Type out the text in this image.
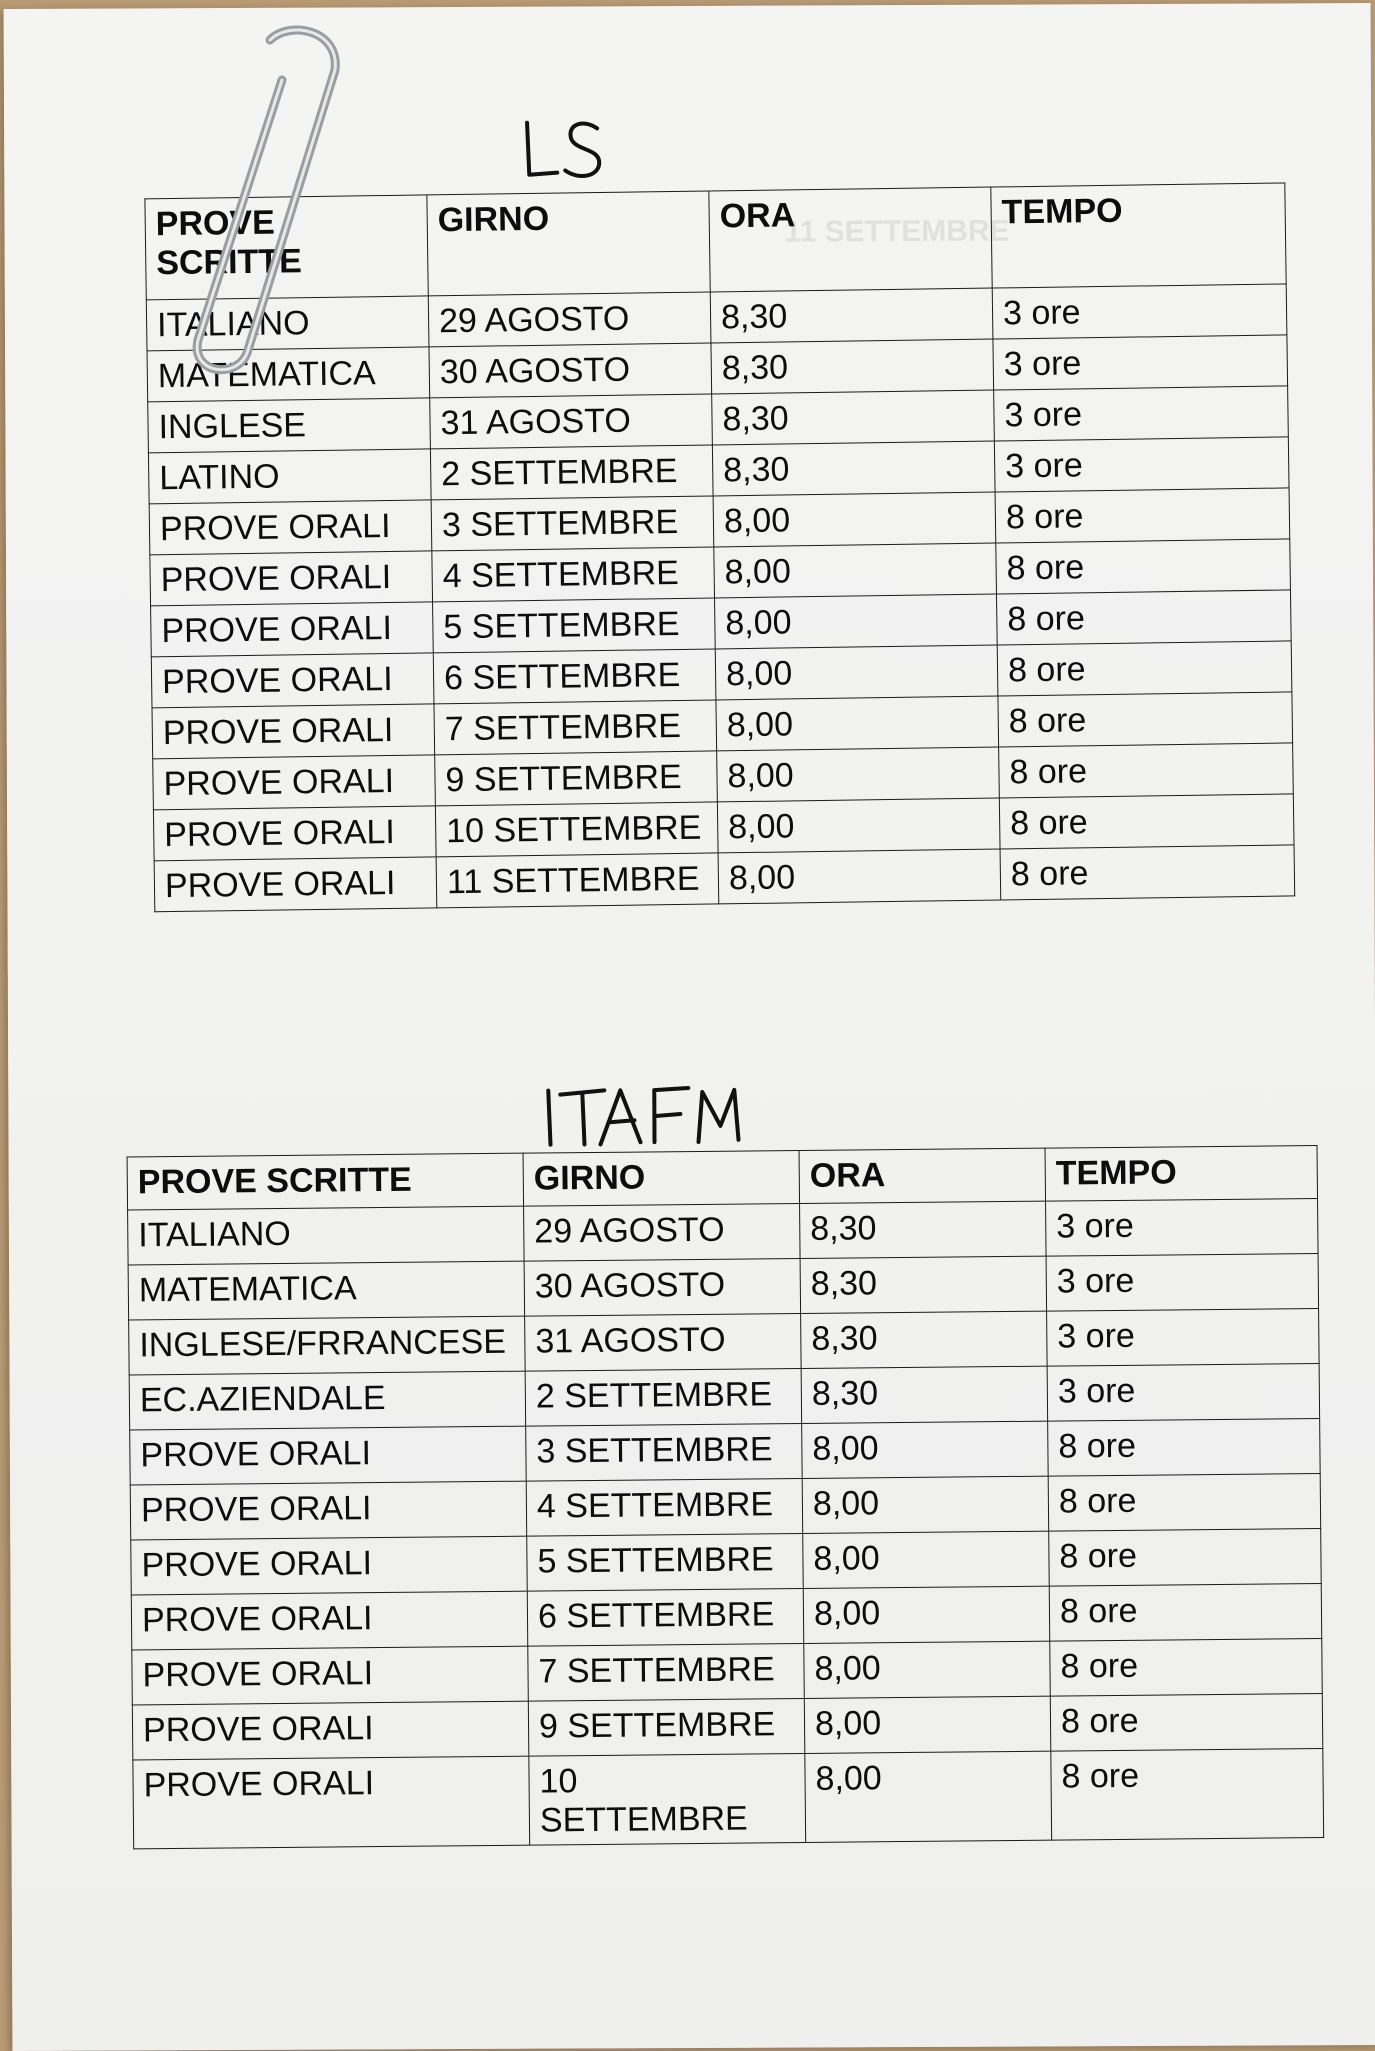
11 SETTEMBRE
PROVE SCRITTE	GIRNO	ORA	TEMPO
ITALIANO	29 AGOSTO	8,30	3 ore
MATEMATICA	30 AGOSTO	8,30	3 ore
INGLESE	31 AGOSTO	8,30	3 ore
LATINO	2 SETTEMBRE	8,30	3 ore
PROVE ORALI	3 SETTEMBRE	8,00	8 ore
PROVE ORALI	4 SETTEMBRE	8,00	8 ore
PROVE ORALI	5 SETTEMBRE	8,00	8 ore
PROVE ORALI	6 SETTEMBRE	8,00	8 ore
PROVE ORALI	7 SETTEMBRE	8,00	8 ore
PROVE ORALI	9 SETTEMBRE	8,00	8 ore
PROVE ORALI	10 SETTEMBRE	8,00	8 ore
PROVE ORALI	11 SETTEMBRE	8,00	8 ore
PROVE SCRITTE	GIRNO	ORA	TEMPO
ITALIANO	29 AGOSTO	8,30	3 ore
MATEMATICA	30 AGOSTO	8,30	3 ore
INGLESE/FRRANCESE	31 AGOSTO	8,30	3 ore
EC.AZIENDALE	2 SETTEMBRE	8,30	3 ore
PROVE ORALI	3 SETTEMBRE	8,00	8 ore
PROVE ORALI	4 SETTEMBRE	8,00	8 ore
PROVE ORALI	5 SETTEMBRE	8,00	8 ore
PROVE ORALI	6 SETTEMBRE	8,00	8 ore
PROVE ORALI	7 SETTEMBRE	8,00	8 ore
PROVE ORALI	9 SETTEMBRE	8,00	8 ore
PROVE ORALI	10 SETTEMBRE	8,00	8 ore
